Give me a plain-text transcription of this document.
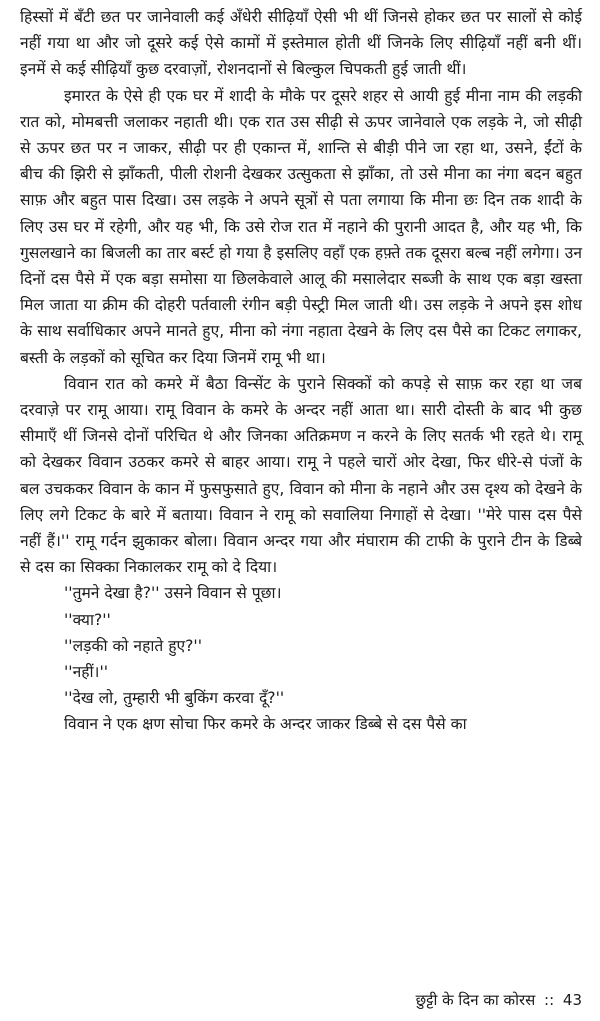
हिस्सों में बँटी छत पर जानेवाली कई अँधेरी सीढ़ियाँ ऐसी भी थीं जिनसे होकर छत पर सालों से कोई नहीं गया था और जो दूसरे कई ऐसे कामों में इस्तेमाल होती थीं जिनके लिए सीढ़ियाँ नहीं बनी थीं। इनमें से कई सीढ़ियाँ कुछ दरवाज़ों, रोशनदानों से बिल्कुल चिपकती हुई जाती थीं।

इमारत के ऐसे ही एक घर में शादी के मौके पर दूसरे शहर से आयी हुई मीना नाम की लड़की रात को, मोमबत्ती जलाकर नहाती थी। एक रात उस सीढ़ी से ऊपर जानेवाले एक लड़के ने, जो सीढ़ी से ऊपर छत पर न जाकर, सीढ़ी पर ही एकान्त में, शान्ति से बीड़ी पीने जा रहा था, उसने, ईंटों के बीच की झिरी से झाँकती, पीली रोशनी देखकर उत्सुकता से झाँका, तो उसे मीना का नंगा बदन बहुत साफ़ और बहुत पास दिखा। उस लड़के ने अपने सूत्रों से पता लगाया कि मीना छः दिन तक शादी के लिए उस घर में रहेगी, और यह भी, कि उसे रोज रात में नहाने की पुरानी आदत है, और यह भी, कि गुसलखाने का बिजली का तार बर्स्ट हो गया है इसलिए वहाँ एक हफ़्ते तक दूसरा बल्ब नहीं लगेगा। उन दिनों दस पैसे में एक बड़ा समोसा या छिलकेवाले आलू की मसालेदार सब्जी के साथ एक बड़ा खस्ता मिल जाता या क्रीम की दोहरी पर्तवाली रंगीन बड़ी पेस्ट्री मिल जाती थी। उस लड़के ने अपने इस शोध के साथ सर्वाधिकार अपने मानते हुए, मीना को नंगा नहाता देखने के लिए दस पैसे का टिकट लगाकर, बस्ती के लड़कों को सूचित कर दिया जिनमें रामू भी था।

विवान रात को कमरे में बैठा विन्सेंट के पुराने सिक्कों को कपड़े से साफ़ कर रहा था जब दरवाज़े पर रामू आया। रामू विवान के कमरे के अन्दर नहीं आता था। सारी दोस्ती के बाद भी कुछ सीमाएँ थीं जिनसे दोनों परिचित थे और जिनका अतिक्रमण न करने के लिए सतर्क भी रहते थे। रामू को देखकर विवान उठकर कमरे से बाहर आया। रामू ने पहले चारों ओर देखा, फिर धीरे-से पंजों के बल उचककर विवान के कान में फुसफुसाते हुए, विवान को मीना के नहाने और उस दृश्य को देखने के लिए लगे टिकट के बारे में बताया। विवान ने रामू को सवालिया निगाहों से देखा। ''मेरे पास दस पैसे नहीं हैं।'' रामू गर्दन झुकाकर बोला। विवान अन्दर गया और मंघाराम की टाफी के पुराने टीन के डिब्बे से दस का सिक्का निकालकर रामू को दे दिया।

''तुमने देखा है?'' उसने विवान से पूछा।

''क्या?''

''लड़की को नहाते हुए?''

''नहीं।''

''देख लो, तुम्हारी भी बुकिंग करवा दूँ?''

विवान ने एक क्षण सोचा फिर कमरे के अन्दर जाकर डिब्बे से दस पैसे का

छुट्टी के दिन का कोरस :: 43
